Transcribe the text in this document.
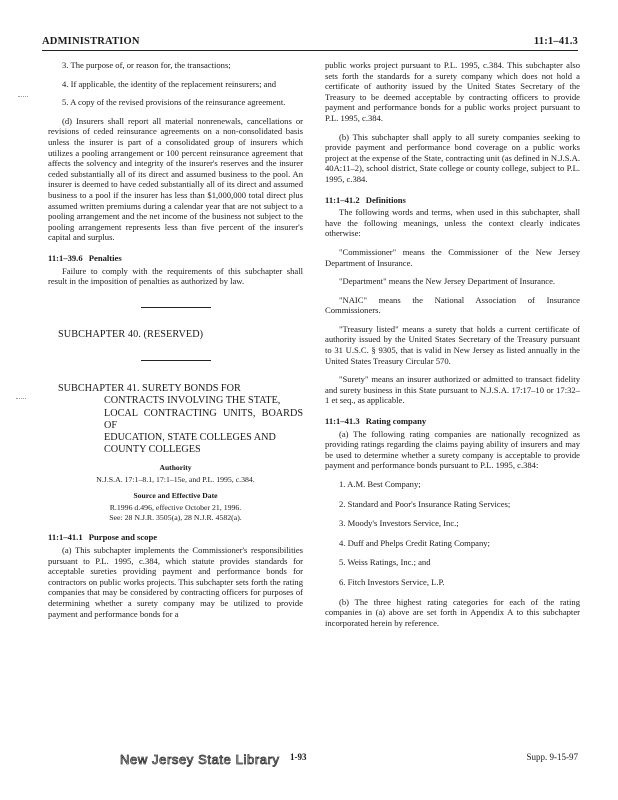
ADMINISTRATION	11:1–41.3

3. The purpose of, or reason for, the transactions;

4. If applicable, the identity of the replacement reinsurers; and

5. A copy of the revised provisions of the reinsurance agreement.

(d) Insurers shall report all material nonrenewals, cancellations or revisions of ceded reinsurance agreements on a non-consolidated basis unless the insurer is part of a consolidated group of insurers which utilizes a pooling arrangement or 100 percent reinsurance agreement that affects the solvency and integrity of the insurer's reserves and the insurer ceded substantially all of its direct and assumed business to the pool. An insurer is deemed to have ceded substantially all of its direct and assumed business to a pool if the insurer has less than $1,000,000 total direct plus assumed written premiums during a calendar year that are not subject to a pooling arrangement and the net income of the business not subject to the pooling arrangement represents less than five percent of the insurer's capital and surplus.

11:1–39.6 Penalties

Failure to comply with the requirements of this subchapter shall result in the imposition of penalties as authorized by law.

SUBCHAPTER 40. (RESERVED)
SUBCHAPTER 41. SURETY BONDS FOR
CONTRACTS INVOLVING THE STATE,
LOCAL CONTRACTING UNITS, BOARDS OF
EDUCATION, STATE COLLEGES AND
COUNTY COLLEGES
Authority
N.J.S.A. 17:1–8.1, 17:1–15e, and P.L. 1995, c.384.
Source and Effective Date
R.1996 d.496, effective October 21, 1996.
See: 28 N.J.R. 3505(a), 28 N.J.R. 4582(a).
11:1–41.1 Purpose and scope

(a) This subchapter implements the Commissioner's responsibilities pursuant to P.L. 1995, c.384, which statute provides standards for acceptable sureties providing payment and performance bonds for contractors on public works projects. This subchapter sets forth the rating companies that may be considered by contracting officers for purposes of determining whether a surety company may be utilized to provide payment and performance bonds for a

public works project pursuant to P.L. 1995, c.384. This subchapter also sets forth the standards for a surety company which does not hold a certificate of authority issued by the United States Secretary of the Treasury to be deemed acceptable by contracting officers to provide payment and performance bonds for a public works project pursuant to P.L. 1995, c.384.

(b) This subchapter shall apply to all surety companies seeking to provide payment and performance bond coverage on a public works project at the expense of the State, contracting unit (as defined in N.J.S.A. 40A:11–2), school district, State college or county college, subject to P.L. 1995, c.384.

11:1–41.2 Definitions

The following words and terms, when used in this subchapter, shall have the following meanings, unless the context clearly indicates otherwise:

"Commissioner" means the Commissioner of the New Jersey Department of Insurance.

"Department" means the New Jersey Department of Insurance.

"NAIC" means the National Association of Insurance Commissioners.

"Treasury listed" means a surety that holds a current certificate of authority issued by the United States Secretary of the Treasury pursuant to 31 U.S.C. § 9305, that is valid in New Jersey as listed annually in the United States Treasury Circular 570.

"Surety" means an insurer authorized or admitted to transact fidelity and surety business in this State pursuant to N.J.S.A. 17:17–10 or 17:32–1 et seq., as applicable.

11:1–41.3 Rating company

(a) The following rating companies are nationally recognized as providing ratings regarding the claims paying ability of insurers and may be used to determine whether a surety company is acceptable to provide payment and performance bonds pursuant to P.L. 1995, c.384:

1. A.M. Best Company;
2. Standard and Poor's Insurance Rating Services;
3. Moody's Investors Service, Inc.;
4. Duff and Phelps Credit Rating Company;
5. Weiss Ratings, Inc.; and
6. Fitch Investors Service, L.P.

(b) The three highest rating categories for each of the rating companies in (a) above are set forth in Appendix A to this subchapter incorporated herein by reference.

New Jersey State Library 1-93	Supp. 9-15-97
